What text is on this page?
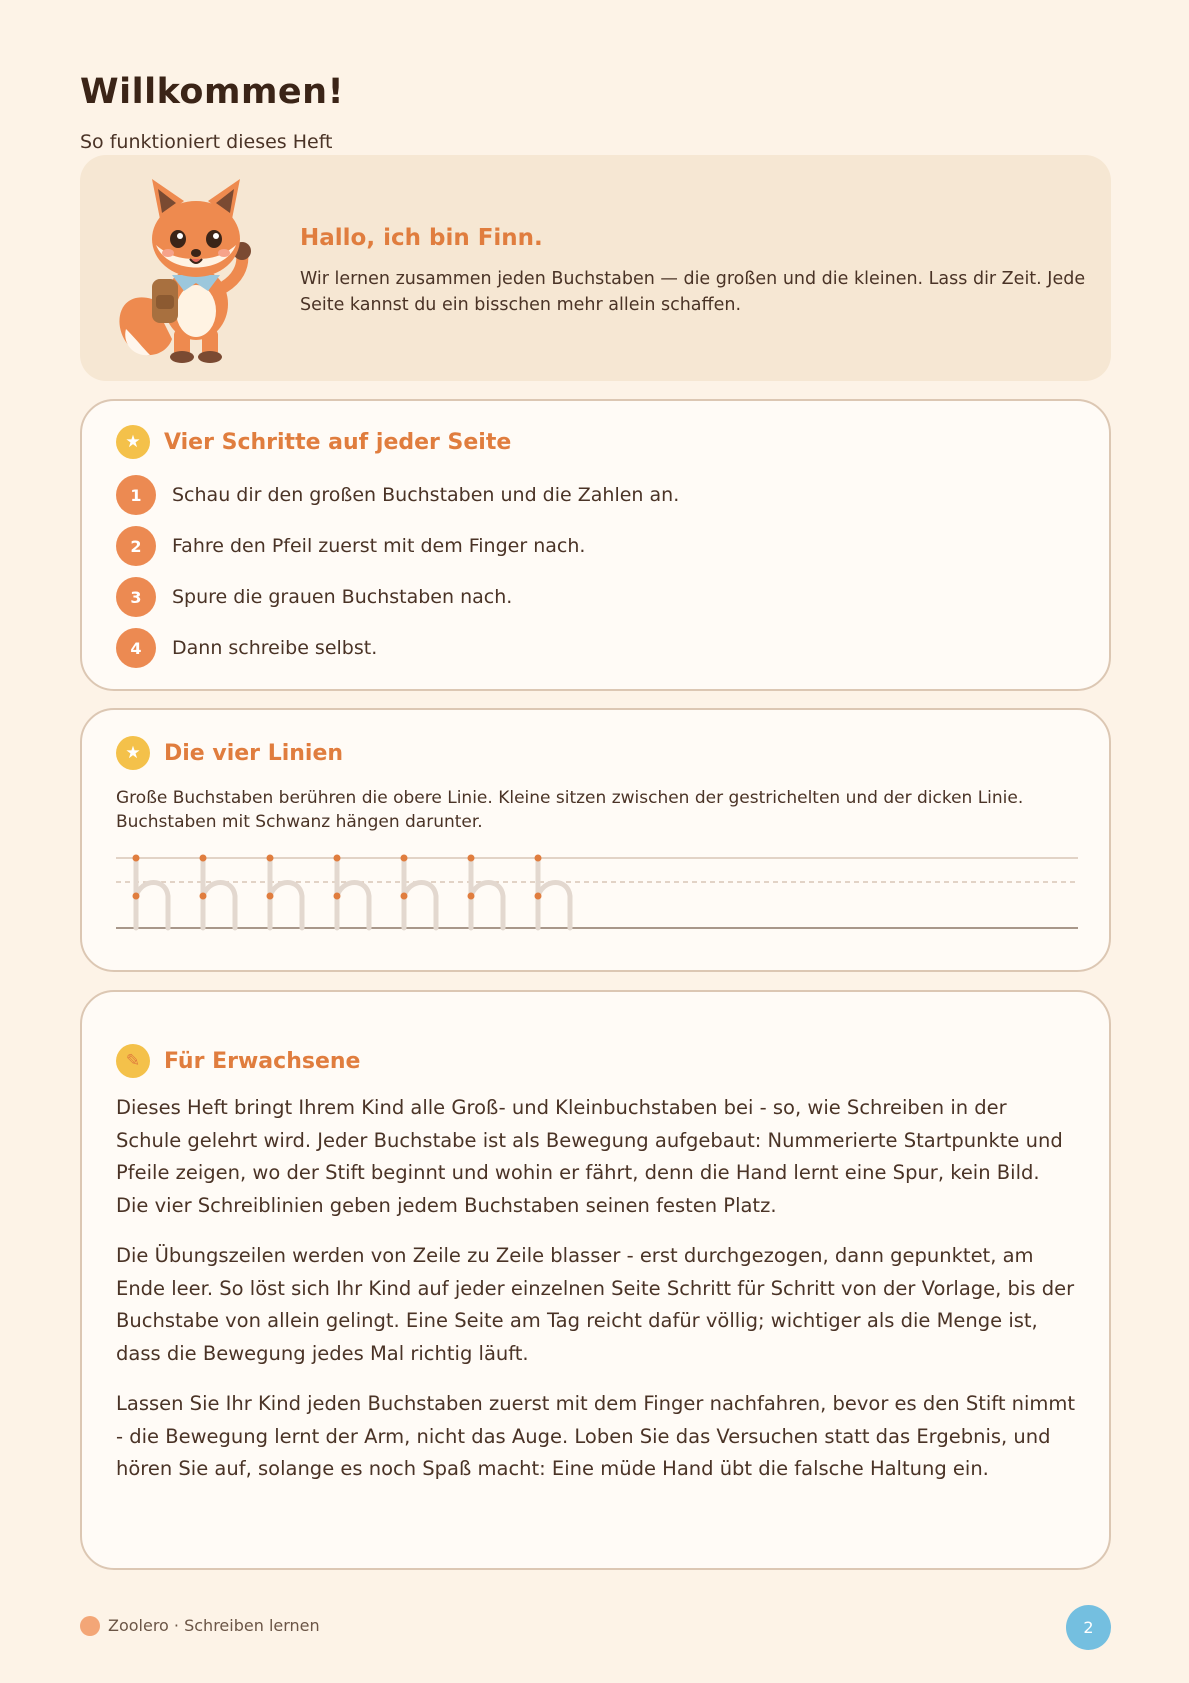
Willkommen!
So funktioniert dieses Heft
Hallo, ich bin Finn.

Wir lernen zusammen jeden Buchstaben — die großen und die kleinen. Lass dir Zeit. Jede Seite kannst du ein bisschen mehr allein schaffen.

★	Vier Schritte auf jeder Seite
1	Schau dir den großen Buchstaben und die Zahlen an.
2	Fahre den Pfeil zuerst mit dem Finger nach.
3	Spure die grauen Buchstaben nach.
4	Dann schreibe selbst.
★	Die vier Linien

Große Buchstaben berühren die obere Linie. Kleine sitzen zwischen der gestrichelten und der dicken Linie. Buchstaben mit Schwanz hängen darunter.

✎	Für Erwachsene

Dieses Heft bringt Ihrem Kind alle Groß- und Kleinbuchstaben bei - so, wie Schreiben in der Schule gelehrt wird. Jeder Buchstabe ist als Bewegung aufgebaut: Nummerierte Startpunkte und Pfeile zeigen, wo der Stift beginnt und wohin er fährt, denn die Hand lernt eine Spur, kein Bild. Die vier Schreiblinien geben jedem Buchstaben seinen festen Platz.

Die Übungszeilen werden von Zeile zu Zeile blasser - erst durchgezogen, dann gepunktet, am Ende leer. So löst sich Ihr Kind auf jeder einzelnen Seite Schritt für Schritt von der Vorlage, bis der Buchstabe von allein gelingt. Eine Seite am Tag reicht dafür völlig; wichtiger als die Menge ist, dass die Bewegung jedes Mal richtig läuft.

Lassen Sie Ihr Kind jeden Buchstaben zuerst mit dem Finger nachfahren, bevor es den Stift nimmt - die Bewegung lernt der Arm, nicht das Auge. Loben Sie das Versuchen statt das Ergebnis, und hören Sie auf, solange es noch Spaß macht: Eine müde Hand übt die falsche Haltung ein.

Zoolero · Schreiben lernen	2
